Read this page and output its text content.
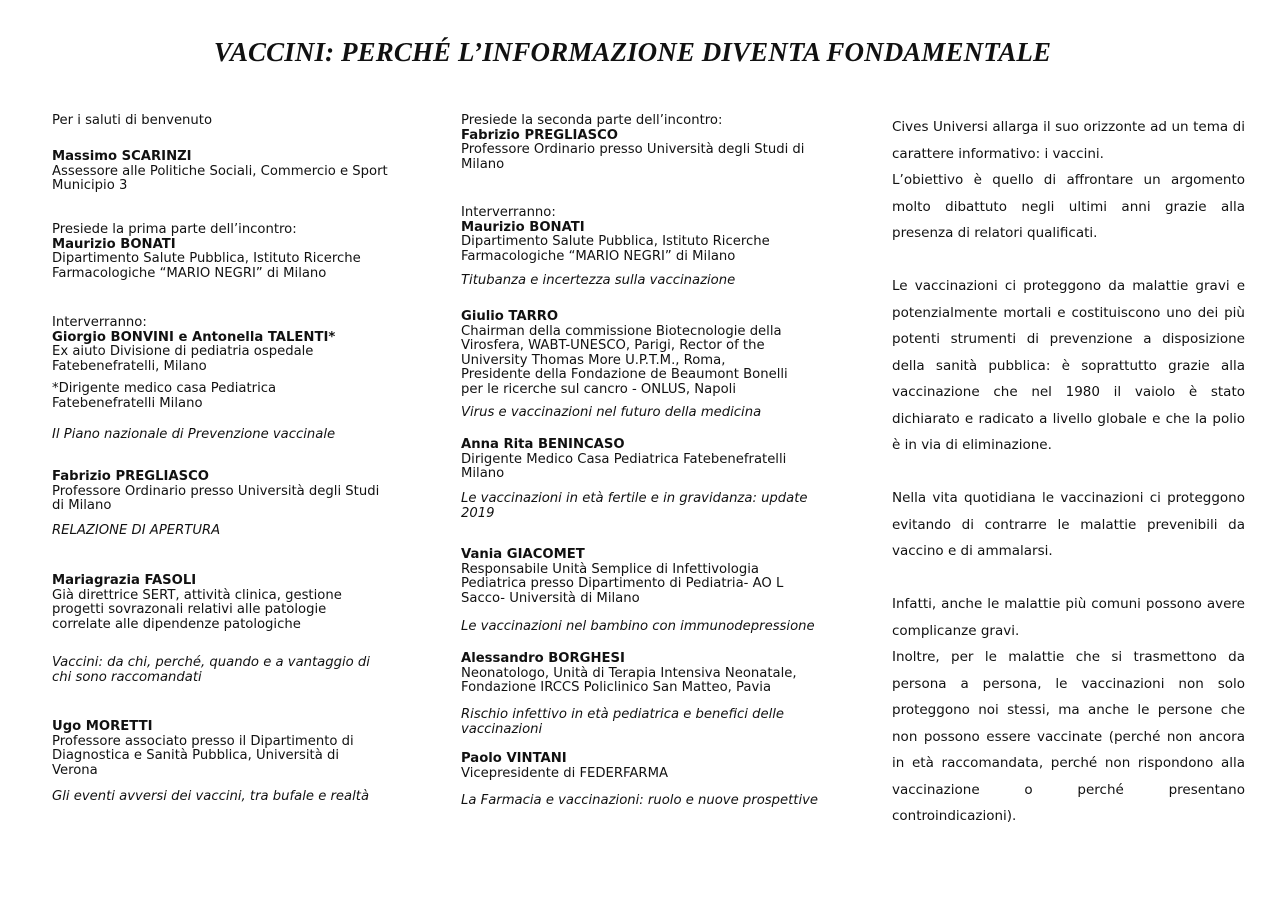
VACCINI: PERCHÉ L’INFORMAZIONE DIVENTA FONDAMENTALE
Per i saluti di benvenuto
Massimo SCARINZI
Assessore alle Politiche Sociali, Commercio e Sport
Municipio 3
Presiede la prima parte dell’incontro:
Maurizio BONATI
Dipartimento Salute Pubblica, Istituto Ricerche
Farmacologiche “MARIO NEGRI” di Milano
Interverranno:
Giorgio BONVINI e Antonella TALENTI*
Ex aiuto Divisione di pediatria ospedale
Fatebenefratelli, Milano
*Dirigente medico casa Pediatrica
Fatebenefratelli Milano
Il Piano nazionale di Prevenzione vaccinale
Fabrizio PREGLIASCO
Professore Ordinario presso Università degli Studi
di Milano
RELAZIONE DI APERTURA
Mariagrazia FASOLI
Già direttrice SERT, attività clinica, gestione
progetti sovrazonali relativi alle patologie
correlate alle dipendenze patologiche
Vaccini: da chi, perché, quando e a vantaggio di
chi sono raccomandati
Ugo MORETTI
Professore associato presso il Dipartimento di
Diagnostica e Sanità Pubblica, Università di
Verona
Gli eventi avversi dei vaccini, tra bufale e realtà
Presiede la seconda parte dell’incontro:
Fabrizio PREGLIASCO
Professore Ordinario presso Università degli Studi di
Milano
Interverranno:
Maurizio BONATI
Dipartimento Salute Pubblica, Istituto Ricerche
Farmacologiche “MARIO NEGRI” di Milano
Titubanza e incertezza sulla vaccinazione
Giulio TARRO
Chairman della commissione Biotecnologie della
Virosfera, WABT-UNESCO, Parigi, Rector of the
University Thomas More U.P.T.M., Roma,
Presidente della Fondazione de Beaumont Bonelli
per le ricerche sul cancro - ONLUS, Napoli
Virus e vaccinazioni nel futuro della medicina
Anna Rita BENINCASO
Dirigente Medico Casa Pediatrica Fatebenefratelli
Milano
Le vaccinazioni in età fertile e in gravidanza: update
2019
Vania GIACOMET
Responsabile Unità Semplice di Infettivologia
Pediatrica presso Dipartimento di Pediatria- AO L
Sacco- Università di Milano
Le vaccinazioni nel bambino con immunodepressione
Alessandro BORGHESI
Neonatologo, Unità di Terapia Intensiva Neonatale,
Fondazione IRCCS Policlinico San Matteo, Pavia
Rischio infettivo in età pediatrica e benefici delle
vaccinazioni
Paolo VINTANI
Vicepresidente di FEDERFARMA
La Farmacia e vaccinazioni: ruolo e nuove prospettive

Cives Universi allarga il suo orizzonte ad un tema di carattere informativo: i vaccini.
L’obiettivo è quello di affrontare un argomento molto dibattuto negli ultimi anni grazie alla presenza di relatori qualificati.

Le vaccinazioni ci proteggono da malattie gravi e potenzialmente mortali e costituiscono uno dei più potenti strumenti di prevenzione a disposizione della sanità pubblica: è soprattutto grazie alla vaccinazione che nel 1980 il vaiolo è stato dichiarato e radicato a livello globale e che la polio è in via di eliminazione.

Nella vita quotidiana le vaccinazioni ci proteggono evitando di contrarre le malattie prevenibili da vaccino e di ammalarsi.

Infatti, anche le malattie più comuni possono avere complicanze gravi.
Inoltre, per le malattie che si trasmettono da persona a persona, le vaccinazioni non solo proteggono noi stessi, ma anche le persone che non possono essere vaccinate (perché non ancora in età raccomandata, perché non rispondono alla vaccinazione o perché presentano controindicazioni).
